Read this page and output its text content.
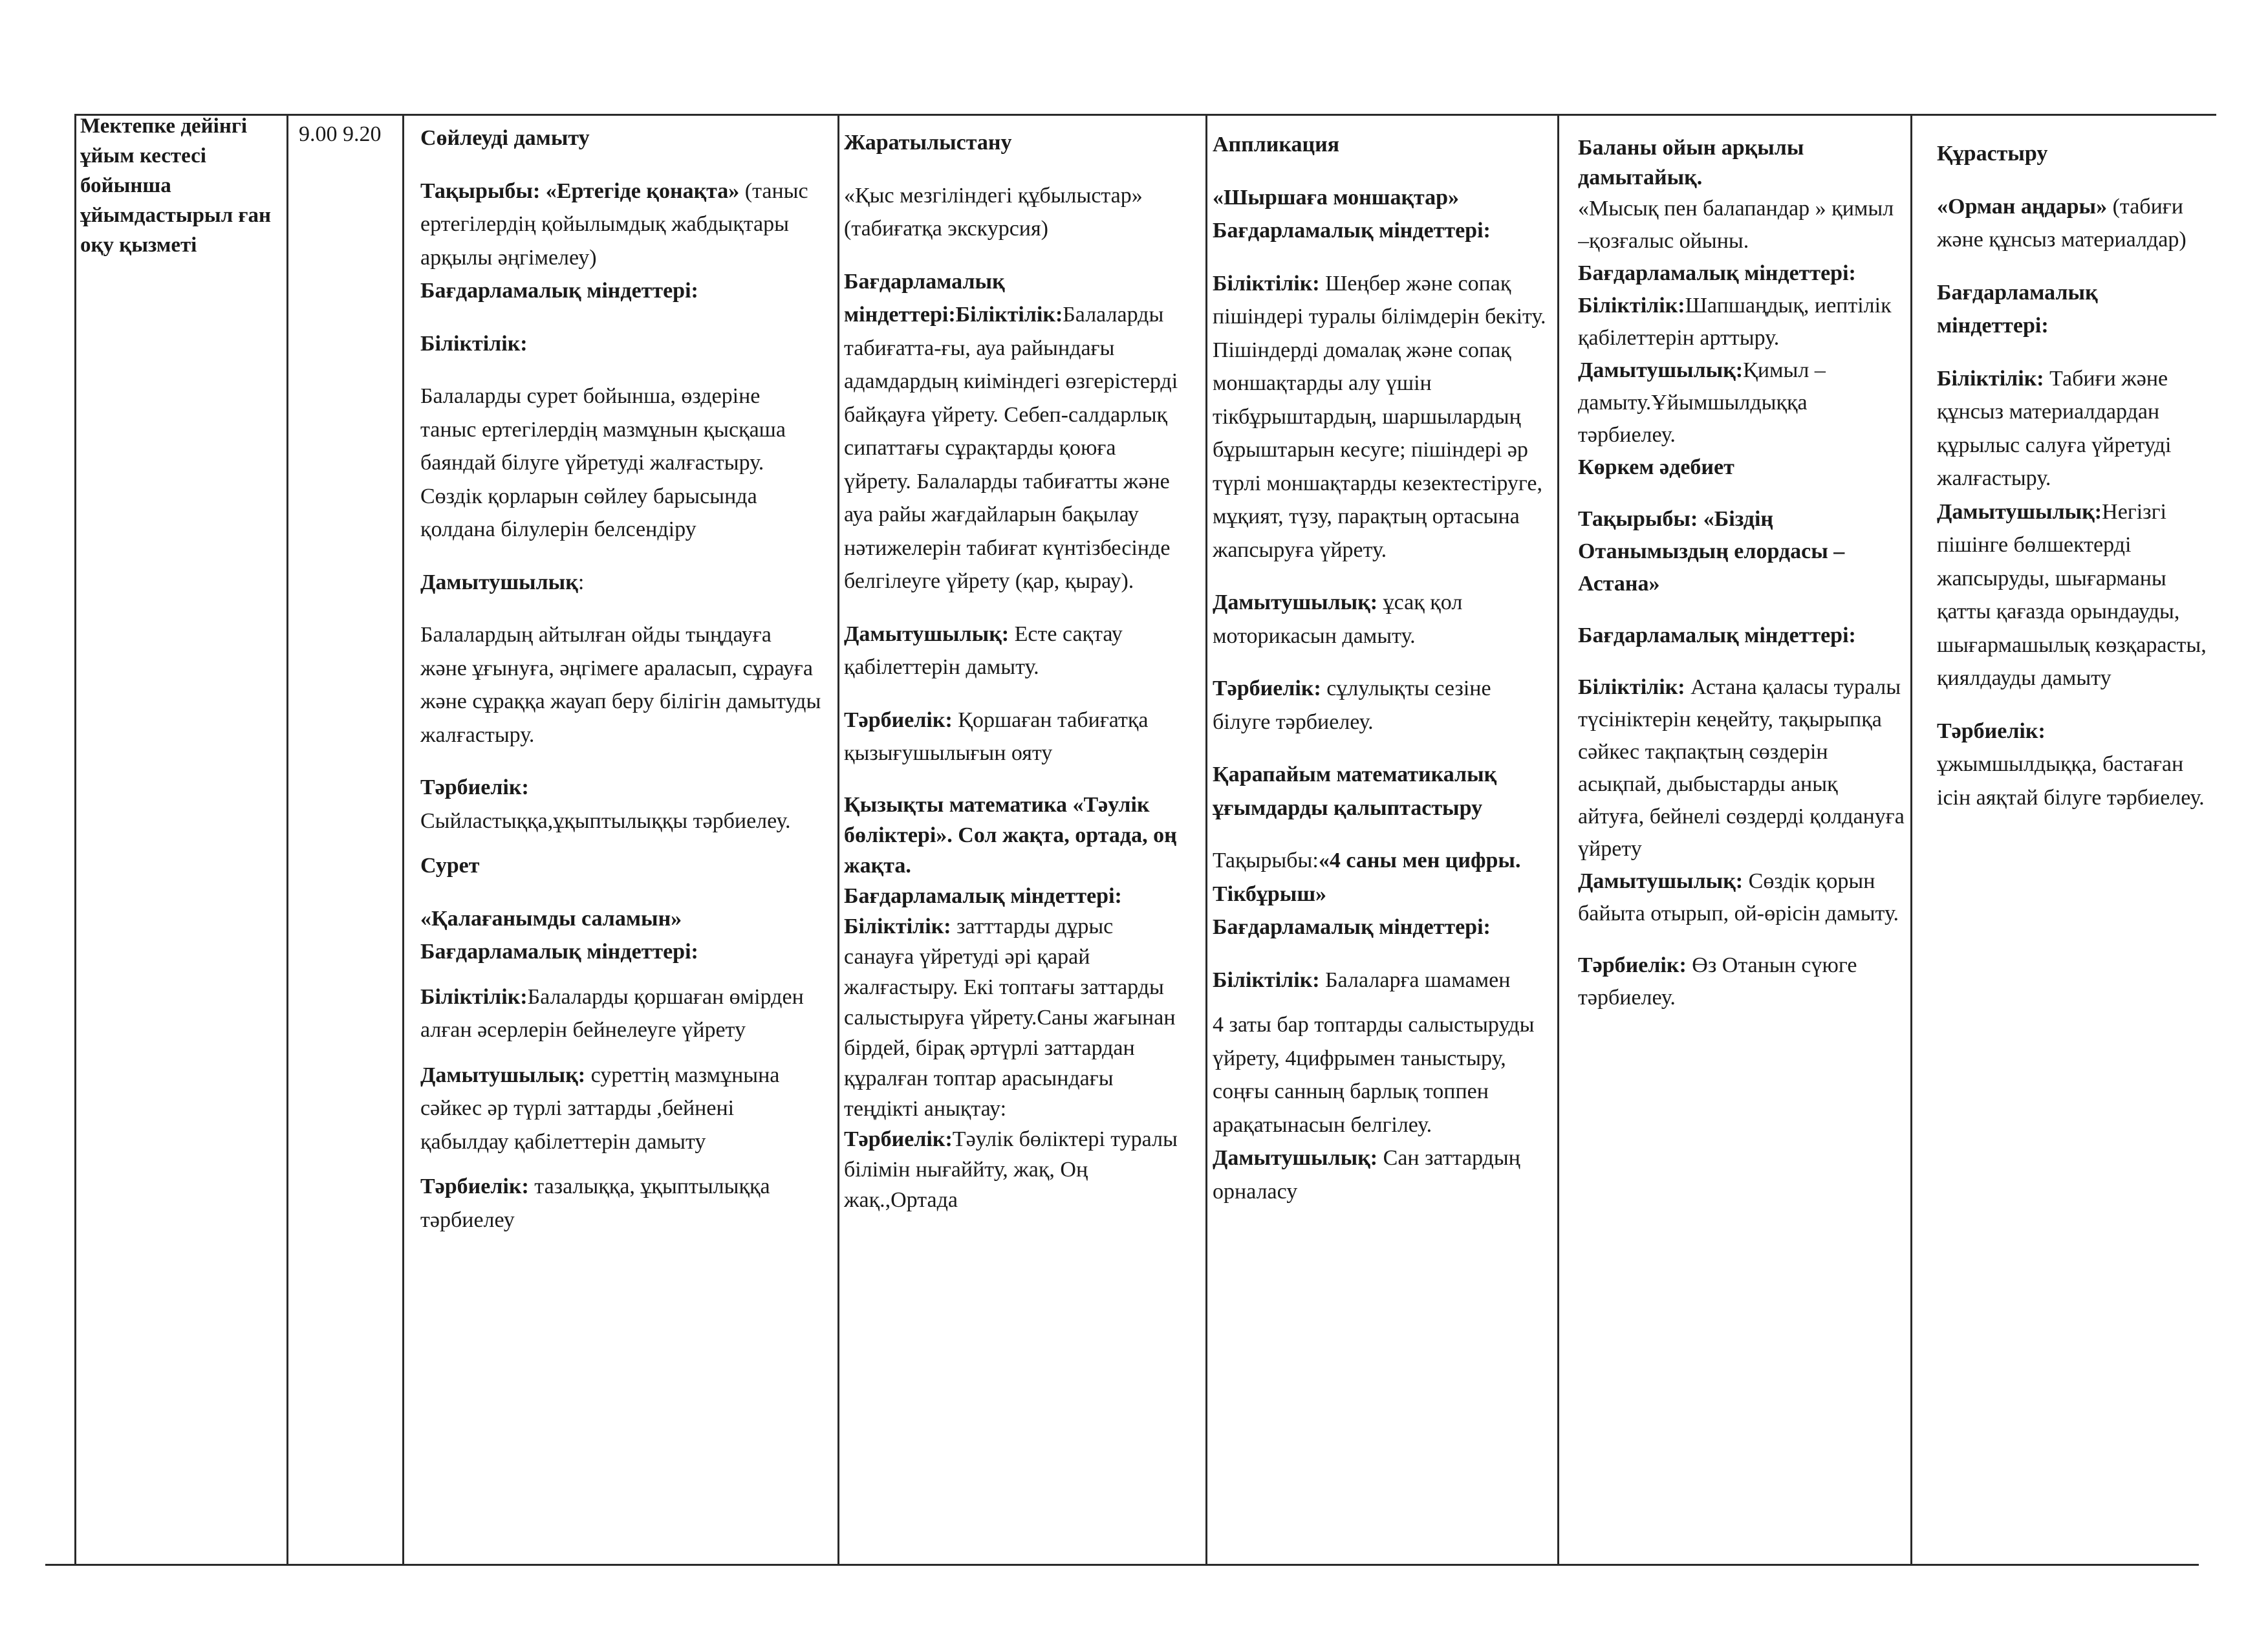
Мектепке дейінгі ұйым кестесі бойынша ұйымдастырыл ған оқу қызметі
9.00 9.20	Сөйлеуді дамыту

Тақырыбы: «Ертегіде қонақта» (таныс ертегілердің қойылымдық жабдықтары арқылы әңгімелеу)

Бағдарламалық міндеттері:

Біліктілік:

Балаларды сурет бойынша, өздеріне таныс ертегілердің мазмұнын қысқаша баяндай білуге үйретуді жалғастыру. Сөздік қорларын сөйлеу барысында қолдана білулерін белсендіру

Дамытушылық:

Балалардың айтылған ойды тыңдауға және ұғынуға, әңгімеге араласып, сұрауға және сұраққа жауап беру білігін дамытуды жалғастыру.

Тәрбиелік:

Сыйластыққа,ұқыптылыққы тәрбиелеу.

Сурет

«Қалағанымды саламын»

Бағдарламалық міндеттері:

Біліктілік:Балаларды қоршаған өмірден алған әсерлерін бейнелеуге үйрету

Дамытушылық: суреттің мазмұнына сәйкес әр түрлі заттарды ,бейнені қабылдау қабілеттерін дамыту

Тәрбиелік: тазалыққа, ұқыптылыққа тәрбиелеу

Жаратылыстану

«Қыс мезгіліндегі құбылыстар» (табиғатқа экскурсия)

Бағдарламалық міндеттері:Біліктілік:Балаларды табиғатта-ғы, ауа райындағы адамдардың киіміндегі өзгерістерді байқауға үйрету. Себеп-салдарлық сипаттағы сұрақтарды қоюға үйрету. Балаларды табиғатты және ауа райы жағдайларын бақылау нәтижелерін табиғат күнтізбесінде белгілеуге үйрету (қар, қырау).

Дамытушылық: Есте сақтау қабілеттерін дамыту.

Тәрбиелік: Қоршаған табиғатқа қызығушылығын ояту

Қызықты математика «Тәулік бөліктері». Сол жақта, ортада, оң жақта.

Бағдарламалық міндеттері:

Біліктілік: затттарды дұрыс санауға үйретуді әрі қарай жалғастыру. Екі топтағы заттарды салыстыруға үйрету.Саны жағынан бірдей, бірақ әртүрлі заттардан құралған топтар арасындағы теңдікті анықтау:

Тәрбиелік:Тәулік бөліктері туралы білімін нығаййту, жақ, Оң жақ.,Ортада

Аппликация

«Шыршаға моншақтар»

Бағдарламалық міндеттері:

Біліктілік: Шеңбер және сопақ пішіндері туралы білімдерін бекіту. Пішіндерді домалақ және сопақ моншақтарды алу үшін тікбұрыштардың, шаршылардың бұрыштарын кесуге; пішіндері әр түрлі моншақтарды кезектестіруге, мұқият, түзу, парақтың ортасына жапсыруға үйрету.

Дамытушылық: ұсақ қол моторикасын дамыту.

Тәрбиелік: сұлулықты сезіне білуге тәрбиелеу.

Қарапайым математикалық ұғымдарды қалыптастыру

Тақырыбы:«4 саны мен цифры. Тікбұрыш»

Бағдарламалық міндеттері:

Біліктілік: Балаларға шамамен

4 заты бар топтарды салыстыруды үйрету, 4цифрымен таныстыру, соңғы санның барлық топпен арақатынасын белгілеу.

Дамытушылық: Сан заттардың орналасу

Баланы ойын арқылы дамытайық.

«Мысық пен балапандар » қимыл –қозғалыс ойыны.

Бағдарламалық міндеттері:

Біліктілік:Шапшаңдық, иептілік қабілеттерін арттыру.

Дамытушылық:Қимыл – дамыту.Ұйымшылдыққа тәрбиелеу.

Көркем әдебиет

Тақырыбы: «Біздің Отанымыздың елордасы – Астана»

Бағдарламалық міндеттері:

Біліктілік: Астана қаласы туралы түсініктерін кеңейту, тақырыпқа сәйкес тақпақтың сөздерін асықпай, дыбыстарды анық айтуға, бейнелі сөздерді қолдануға үйрету

Дамытушылық: Сөздік қорын байыта отырып, ой-өрісін дамыту.

Тәрбиелік: Өз Отанын сүюге тәрбиелеу.

Құрастыру

«Орман аңдары» (табиғи және құнсыз материалдар)

Бағдарламалық міндеттері:

Біліктілік: Табиғи және құнсыз материалдардан құрылыс салуға үйретуді жалғастыру.

Дамытушылық:Негізгі пішінге бөлшектерді жапсыруды, шығарманы қатты қағазда орындауды, шығармашылық көзқарасты, қиялдауды дамыту

Тәрбиелік:

ұжымшылдыққа, бастаған ісін аяқтай білуге тәрбиелеу.
